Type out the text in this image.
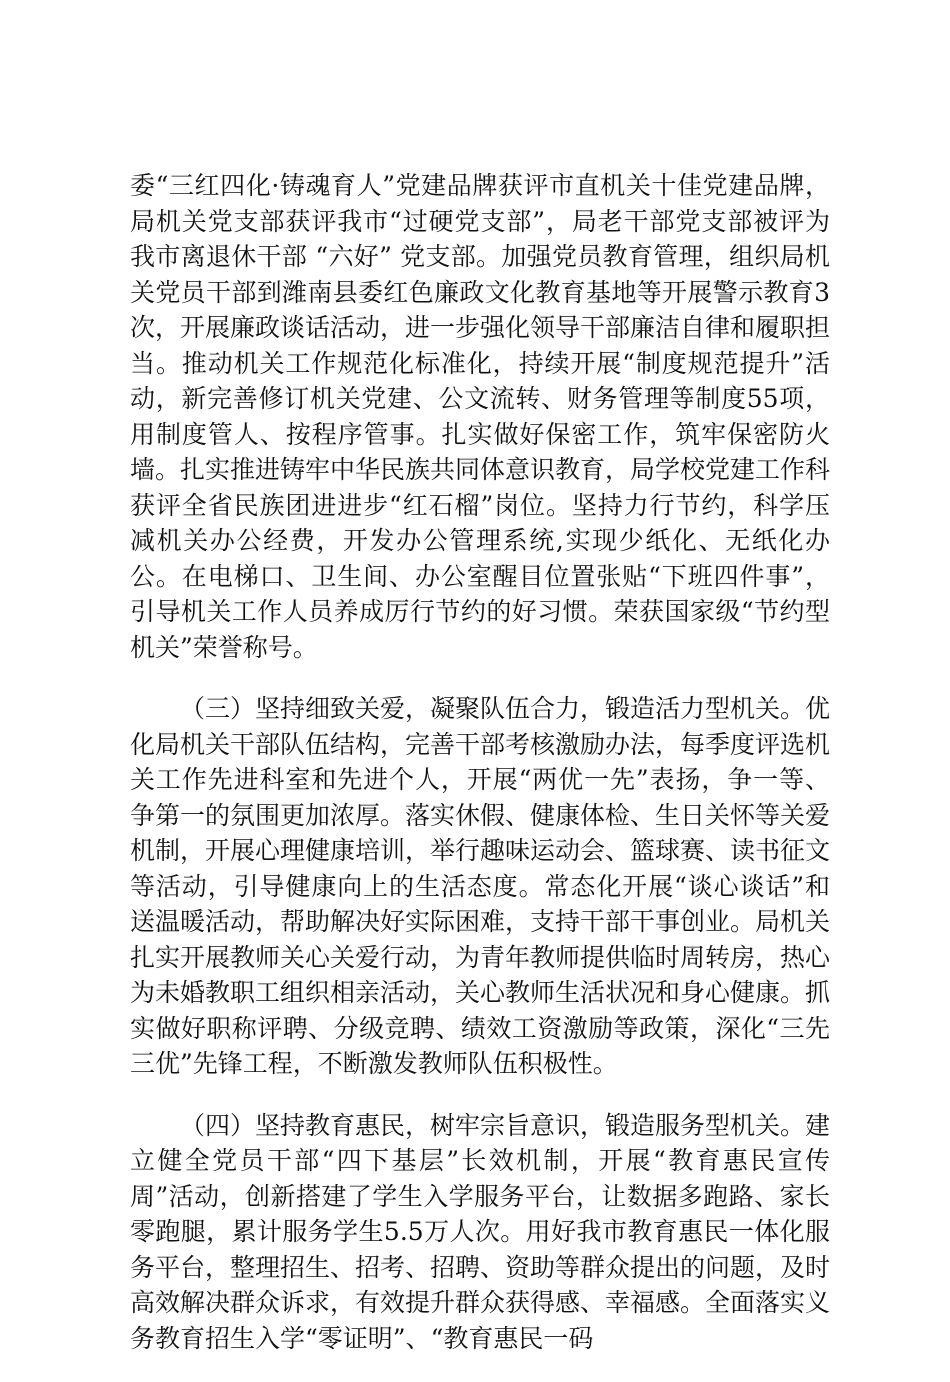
委“三红四化·铸魂育人”党建品牌获评市直机关十佳党建品牌，局机关党支部获评我市“过硬党支部”，局老干部党支部被评为我市离退休干部 “六好” 党支部。加强党员教育管理，组织局机关党员干部到潍南县委红色廉政文化教育基地等开展警示教育3次，开展廉政谈话活动，进一步强化领导干部廉洁自律和履职担当。推动机关工作规范化标准化，持续开展“制度规范提升”活动，新完善修订机关党建、公文流转、财务管理等制度55项，用制度管人、按程序管事。扎实做好保密工作，筑牢保密防火墙。扎实推进铸牢中华民族共同体意识教育，局学校党建工作科获评全省民族团进进步“红石榴”岗位。坚持力行节约，科学压减机关办公经费，开发办公管理系统,实现少纸化、无纸化办公。在电梯口、卫生间、办公室醒目位置张贴“下班四件事”，引导机关工作人员养成厉行节约的好习惯。荣获国家级“节约型机关”荣誉称号。

（三）坚持细致关爱，凝聚队伍合力，锻造活力型机关。优化局机关干部队伍结构，完善干部考核激励办法，每季度评选机关工作先进科室和先进个人，开展“两优一先”表扬，争一等、争第一的氛围更加浓厚。落实休假、健康体检、生日关怀等关爱机制，开展心理健康培训，举行趣味运动会、篮球赛、读书征文等活动，引导健康向上的生活态度。常态化开展“谈心谈话”和送温暖活动，帮助解决好实际困难，支持干部干事创业。局机关扎实开展教师关心关爱行动，为青年教师提供临时周转房，热心为未婚教职工组织相亲活动，关心教师生活状况和身心健康。抓实做好职称评聘、分级竞聘、绩效工资激励等政策，深化“三先三优”先锋工程，不断激发教师队伍积极性。

（四）坚持教育惠民，树牢宗旨意识，锻造服务型机关。建立健全党员干部“四下基层”长效机制，开展“教育惠民宣传周”活动，创新搭建了学生入学服务平台，让数据多跑路、家长零跑腿，累计服务学生5.5万人次。用好我市教育惠民一体化服务平台，整理招生、招考、招聘、资助等群众提出的问题，及时高效解决群众诉求，有效提升群众获得感、幸福感。全面落实义务教育招生入学“零证明”、“教育惠民一码
